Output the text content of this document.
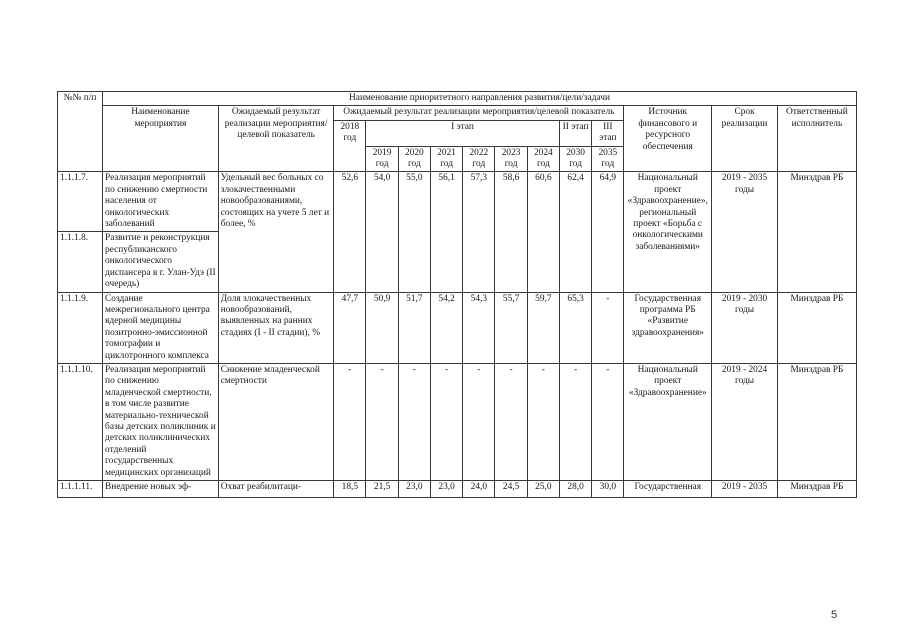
№№ п/п	Наименование приоритетного направления развития/цели/задачи													
	Наименование мероприятия	Ожидаемый результат реализации мероприятия/целевой показатель	Ожидаемый результат реализации мероприятия/целевой показатель									Источник финансового и ресурсного обеспечения	Срок реализации	Ответственный исполнитель
			2018 год	I этап						II этап	III этап			
				2019 год	2020 год	2021 год	2022 год	2023 год	2024 год	2030 год	2035 год			
1.1.1.7.	Реализация мероприятий по снижению смертности населения от онкологических заболеваний	Удельный вес больных со злокачественными новообразованиями, состоящих на учете 5 лет и более, %	52,6	54,0	55,0	56,1	57,3	58,6	60,6	62,4	64,9	Национальный проект «Здравоохранение», региональный проект «Борьба с онкологическими заболеваниями»	2019 - 2035 годы	Минздрав РБ
1.1.1.8.	Развитие и реконструкция республиканского онкологического диспансера в г. Улан-Удэ (II очередь)													
1.1.1.9.	Создание межрегионального центра ядерной медицины позитронно-эмиссионной томографии и циклотронного комплекса	Доля злокачественных новообразований, выявленных на ранних стадиях (I - II стадии), %	47,7	50,9	51,7	54,2	54,3	55,7	59,7	65,3	-	Государственная программа РБ «Развитие здравоохранения»	2019 - 2030 годы	Минздрав РБ
1.1.1.10.	Реализация мероприятий по снижению младенческой смертности, в том числе развитие материально-технической базы детских поликлиник и детских поликлинических отделений государственных медицинских организаций	Снижение младенческой смертности	-	-	-	-	-	-	-	-	-	Национальный проект «Здравоохранение»	2019 - 2024 годы	Минздрав РБ
1.1.1.11.	Внедрение новых эф-	Охват реабилитаци-	18,5	21,5	23,0	23,0	24,0	24,5	25,0	28,0	30,0	Государственная	2019 - 2035	Минздрав РБ
5
